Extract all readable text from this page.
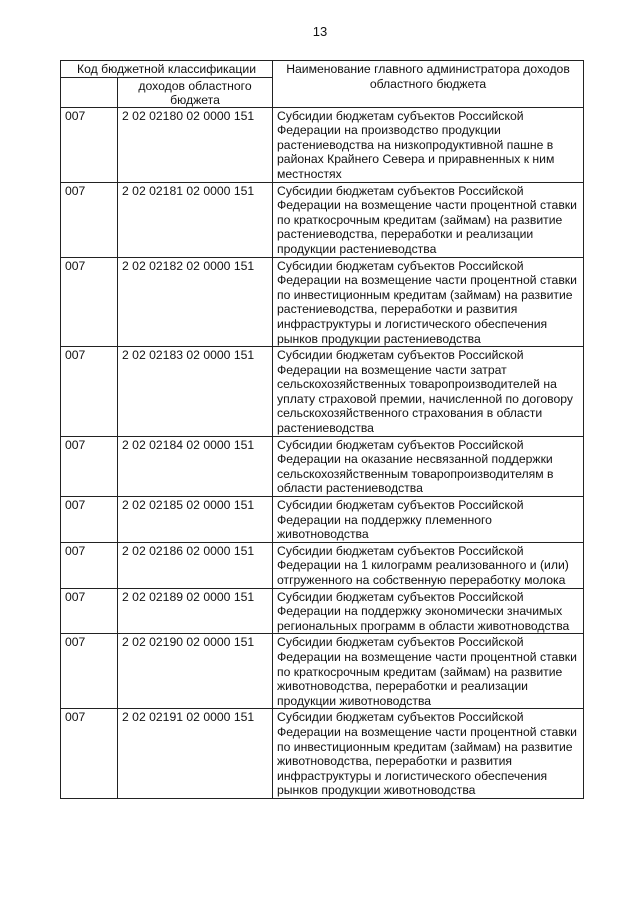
13
Код бюджетной классификации		Наименование главного администратора доходов областного бюджета
	доходов областного бюджета	
007	2 02 02180 02 0000 151	Субсидии бюджетам субъектов Российской Федерации на производство продукции растениеводства на низкопродуктивной пашне в районах Крайнего Севера и приравненных к ним местностях
007	2 02 02181 02 0000 151	Субсидии бюджетам субъектов Российской Федерации на возмещение части процентной ставки по краткосрочным кредитам (займам) на развитие растениеводства, переработки и реализации продукции растениеводства
007	2 02 02182 02 0000 151	Субсидии бюджетам субъектов Российской Федерации на возмещение части процентной ставки по инвестиционным кредитам (займам) на развитие растениеводства, переработки и развития инфраструктуры и логистического обеспечения рынков продукции растениеводства
007	2 02 02183 02 0000 151	Субсидии бюджетам субъектов Российской Федерации на возмещение части затрат сельскохозяйственных товаропроизводителей на уплату страховой премии, начисленной по договору сельскохозяйственного страхования в области растениеводства
007	2 02 02184 02 0000 151	Субсидии бюджетам субъектов Российской Федерации на оказание несвязанной поддержки сельскохозяйственным товаропроизводителям в области растениеводства
007	2 02 02185 02 0000 151	Субсидии бюджетам субъектов Российской Федерации на поддержку племенного животноводства
007	2 02 02186 02 0000 151	Субсидии бюджетам субъектов Российской Федерации на 1 килограмм реализованного и (или) отгруженного на собственную переработку молока
007	2 02 02189 02 0000 151	Субсидии бюджетам субъектов Российской Федерации на поддержку экономически значимых региональных программ в области животноводства
007	2 02 02190 02 0000 151	Субсидии бюджетам субъектов Российской Федерации на возмещение части процентной ставки по краткосрочным кредитам (займам) на развитие животноводства, переработки и реализации продукции животноводства
007	2 02 02191 02 0000 151	Субсидии бюджетам субъектов Российской Федерации на возмещение части процентной ставки по инвестиционным кредитам (займам) на развитие животноводства, переработки и развития инфраструктуры и логистического обеспечения рынков продукции животноводства
